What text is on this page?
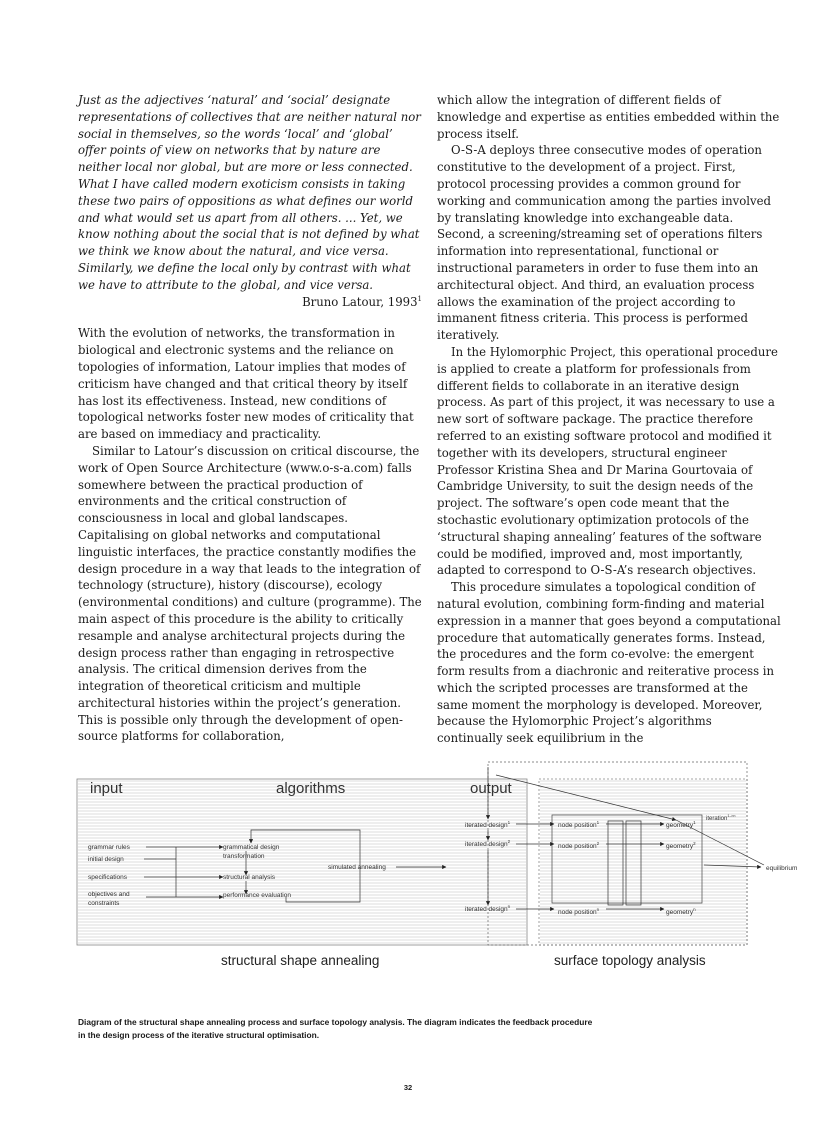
Just as the adjectives ‘natural’ and ‘social’ designate representations of collectives that are neither natural nor social in themselves, so the words ‘local’ and ‘global’ offer points of view on networks that by nature are neither local nor global, but are more or less connected. What I have called modern exoticism consists in taking these two pairs of oppositions as what defines our world and what would set us apart from all others. ... Yet, we know nothing about the social that is not defined by what we think we know about the natural, and vice versa. Similarly, we define the local only by contrast with what we have to attribute to the global, and vice versa.

Bruno Latour, 1993$^1$

With the evolution of networks, the transformation in biological and electronic systems and the reliance on topologies of information, Latour implies that modes of criticism have changed and that critical theory by itself has lost its effectiveness. Instead, new conditions of topological networks foster new modes of criticality that are based on immediacy and practicality.

Similar to Latour’s discussion on critical discourse, the work of Open Source Architecture (www.o-s-a.com) falls somewhere between the practical production of environments and the critical construction of consciousness in local and global landscapes. Capitalising on global networks and computational linguistic interfaces, the practice constantly modifies the design procedure in a way that leads to the integration of technology (structure), history (discourse), ecology (environmental conditions) and culture (programme). The main aspect of this procedure is the ability to critically resample and analyse architectural projects during the design process rather than engaging in retrospective analysis. The critical dimension derives from the integration of theoretical criticism and multiple architectural histories within the project’s generation. This is possible only through the development of open-source platforms for collaboration,

which allow the integration of different fields of knowledge and expertise as entities embedded within the process itself.

O-S-A deploys three consecutive modes of operation constitutive to the development of a project. First, protocol processing provides a common ground for working and communication among the parties involved by translating knowledge into exchangeable data. Second, a screening/streaming set of operations filters information into representational, functional or instructional parameters in order to fuse them into an architectural object. And third, an evaluation process allows the examination of the project according to immanent fitness criteria. This process is performed iteratively.

In the Hylomorphic Project, this operational procedure is applied to create a platform for professionals from different fields to collaborate in an iterative design process. As part of this project, it was necessary to use a new sort of software package. The practice therefore referred to an existing software protocol and modified it together with its developers, structural engineer Professor Kristina Shea and Dr Marina Gourtovaia of Cambridge University, to suit the design needs of the project. The software’s open code meant that the stochastic evolutionary optimization protocols of the ‘structural shaping annealing’ features of the software could be modified, improved and, most importantly, adapted to correspond to O-S-A’s research objectives.

This procedure simulates a topological condition of natural evolution, combining form-finding and material expression in a manner that goes beyond a computational procedure that automatically generates forms. Instead, the procedures and the form co-evolve: the emergent form results from a diachronic and reiterative process in which the scripted processes are transformed at the same moment the morphology is developed. Moreover, because the Hylomorphic Project’s algorithms continually seek equilibrium in the

input	algorithms	output
grammar rules
initial design
specifications
objectives and
constraints
grammatical design
transformation
structural analysis
performance evaluation
simulated annealing
iterated design$^1$
iterated design$^2$
iterated design$^n$
node position$^1$
node position$^2$
node position$^n$
geometry$^1$
geometry$^2$
geometry$^n$
iteration$^{1->n}$
equilibrium
structural shape annealing	surface topology analysis
Diagram of the structural shape annealing process and surface topology analysis. The diagram indicates the feedback procedure in the design process of the iterative structural optimisation.
32
